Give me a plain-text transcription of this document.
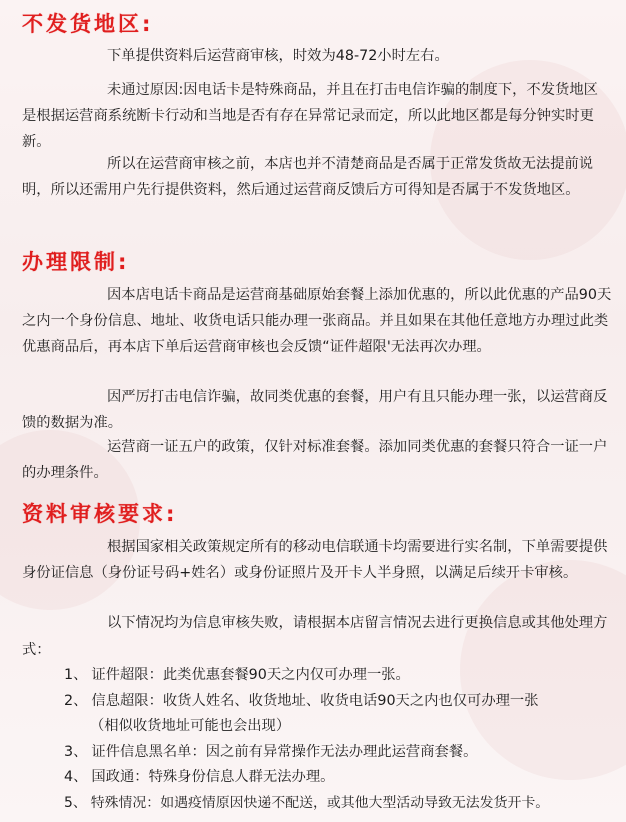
不发货地区:
下单提供资料后运营商审核，时效为48-72小时左右。
未通过原因:因电话卡是特殊商品，并且在打击电信诈骗的制度下，不发货地区是根据运营商系统断卡行动和当地是否有存在异常记录而定，所以此地区都是每分钟实时更新。
所以在运营商审核之前，本店也并不清楚商品是否属于正常发货故无法提前说明，所以还需用户先行提供资料，然后通过运营商反馈后方可得知是否属于不发货地区。
办理限制:
因本店电话卡商品是运营商基础原始套餐上添加优惠的，所以此优惠的产品90天之内一个身份信息、地址、收货电话只能办理一张商品。并且如果在其他任意地方办理过此类优惠商品后，再本店下单后运营商审核也会反馈“证件超限'无法再次办理。
因严厉打击电信诈骗，故同类优惠的套餐，用户有且只能办理一张，以运营商反馈的数据为准。
运营商一证五户的政策，仅针对标准套餐。添加同类优惠的套餐只符合一证一户的办理条件。
资料审核要求:
根据国家相关政策规定所有的移动电信联通卡均需要进行实名制，下单需要提供身份证信息（身份证号码+姓名）或身份证照片及开卡人半身照，以满足后续开卡审核。
以下情况均为信息审核失败，请根据本店留言情况去进行更换信息或其他处理方式：
1、 证件超限：此类优惠套餐90天之内仅可办理一张。
2、 信息超限：收货人姓名、收货地址、收货电话90天之内也仅可办理一张
（相似收货地址可能也会出现）
3、 证件信息黑名单：因之前有异常操作无法办理此运营商套餐。
4、 国政通：特殊身份信息人群无法办理。
5、 特殊情况：如遇疫情原因快递不配送，或其他大型活动导致无法发货开卡。
